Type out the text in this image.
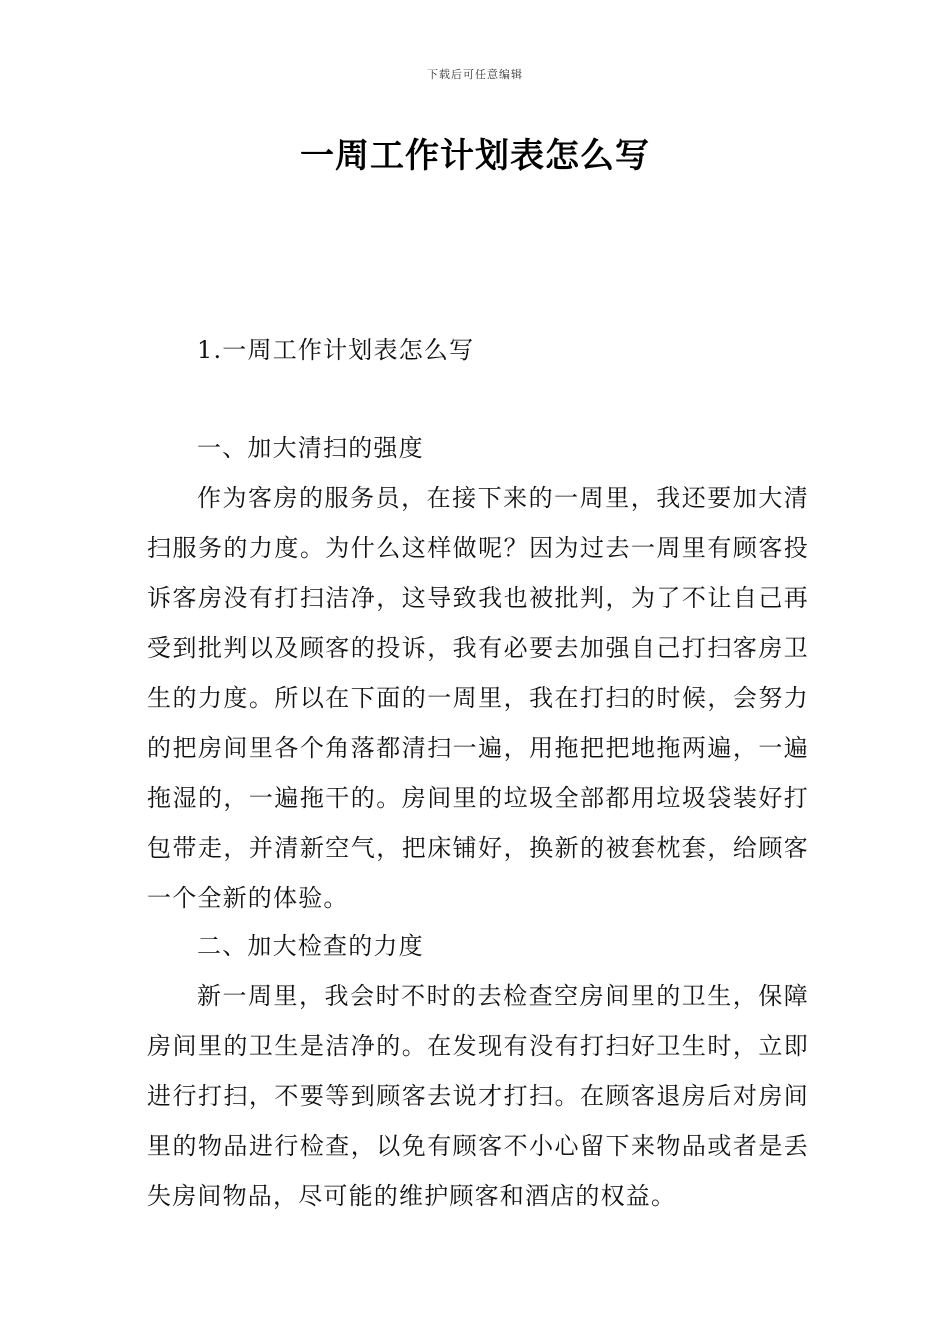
下载后可任意编辑
一周工作计划表怎么写
1.一周工作计划表怎么写
一、加大清扫的强度

作为客房的服务员，在接下来的一周里，我还要加大清扫服务的力度。为什么这样做呢？因为过去一周里有顾客投诉客房没有打扫洁净，这导致我也被批判，为了不让自己再受到批判以及顾客的投诉，我有必要去加强自己打扫客房卫生的力度。所以在下面的一周里，我在打扫的时候，会努力的把房间里各个角落都清扫一遍，用拖把把地拖两遍，一遍拖湿的，一遍拖干的。房间里的垃圾全部都用垃圾袋装好打包带走，并清新空气，把床铺好，换新的被套枕套，给顾客一个全新的体验。

二、加大检查的力度

新一周里，我会时不时的去检查空房间里的卫生，保障房间里的卫生是洁净的。在发现有没有打扫好卫生时，立即进行打扫，不要等到顾客去说才打扫。在顾客退房后对房间里的物品进行检查，以免有顾客不小心留下来物品或者是丢失房间物品，尽可能的维护顾客和酒店的权益。
